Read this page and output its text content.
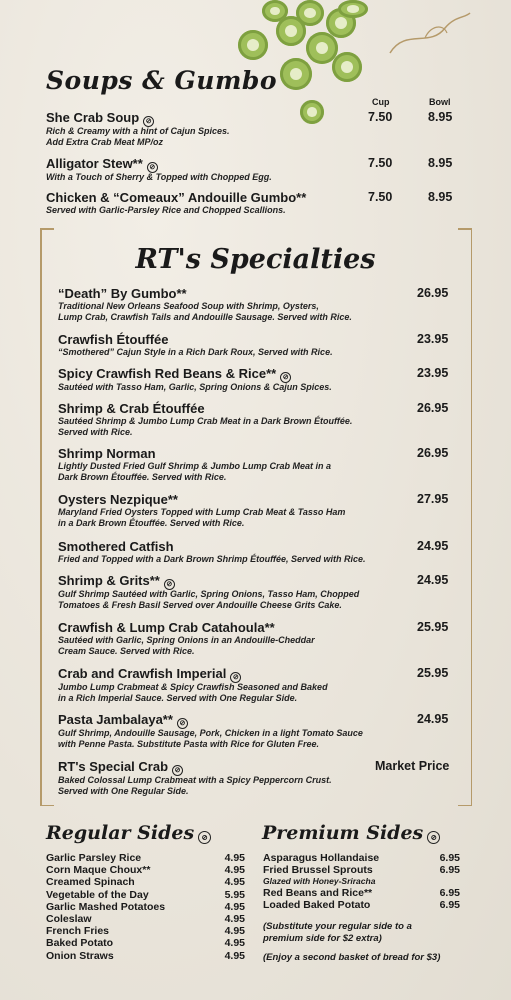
Soups & Gumbo
Cup	Bowl
She Crab Soup ⊘
Rich & Creamy with a hint of Cajun Spices.
Add Extra Crab Meat MP/oz
7.50	8.95
Alligator Stew** ⊘
With a Touch of Sherry & Topped with Chopped Egg.
7.50	8.95
Chicken & “Comeaux” Andouille Gumbo**
Served with Garlic-Parsley Rice and Chopped Scallions.
7.50	8.95
RT's Specialties
“Death” By Gumbo**
Traditional New Orleans Seafood Soup with Shrimp, Oysters,
Lump Crab, Crawfish Tails and Andouille Sausage. Served with Rice.
26.95
Crawfish Étouffée
“Smothered” Cajun Style in a Rich Dark Roux, Served with Rice.
23.95
Spicy Crawfish Red Beans & Rice** ⊘
Sautéed with Tasso Ham, Garlic, Spring Onions & Cajun Spices.
23.95
Shrimp & Crab Étouffée
Sautéed Shrimp & Jumbo Lump Crab Meat in a Dark Brown Étouffée.
Served with Rice.
26.95
Shrimp Norman
Lightly Dusted Fried Gulf Shrimp & Jumbo Lump Crab Meat in a
Dark Brown Étouffée. Served with Rice.
26.95
Oysters Nezpique**
Maryland Fried Oysters Topped with Lump Crab Meat & Tasso Ham
in a Dark Brown Étouffée. Served with Rice.
27.95
Smothered Catfish
Fried and Topped with a Dark Brown Shrimp Étouffée, Served with Rice.
24.95
Shrimp & Grits** ⊘
Gulf Shrimp Sautéed with Garlic, Spring Onions, Tasso Ham, Chopped
Tomatoes & Fresh Basil Served over Andouille Cheese Grits Cake.
24.95
Crawfish & Lump Crab Catahoula**
Sautéed with Garlic, Spring Onions in an Andouille-Cheddar
Cream Sauce. Served with Rice.
25.95
Crab and Crawfish Imperial ⊘
Jumbo Lump Crabmeat & Spicy Crawfish Seasoned and Baked
in a Rich Imperial Sauce. Served with One Regular Side.
25.95
Pasta Jambalaya** ⊘
Gulf Shrimp, Andouille Sausage, Pork, Chicken in a light Tomato Sauce
with Penne Pasta. Substitute Pasta with Rice for Gluten Free.
24.95
RT's Special Crab ⊘
Baked Colossal Lump Crabmeat with a Spicy Peppercorn Crust.
Served with One Regular Side.
Market Price
Regular Sides ⊘
Garlic Parsley Rice	4.95
Corn Maque Choux**	4.95
Creamed Spinach	4.95
Vegetable of the Day	5.95
Garlic Mashed Potatoes	4.95
Coleslaw	4.95
French Fries	4.95
Baked Potato	4.95
Onion Straws	4.95
Premium Sides ⊘
Asparagus Hollandaise	6.95
Fried Brussel Sprouts	6.95
Glazed with Honey-Sriracha
Red Beans and Rice**	6.95
Loaded Baked Potato	6.95
(Substitute your regular side to a
premium side for $2 extra)
(Enjoy a second basket of bread for $3)
